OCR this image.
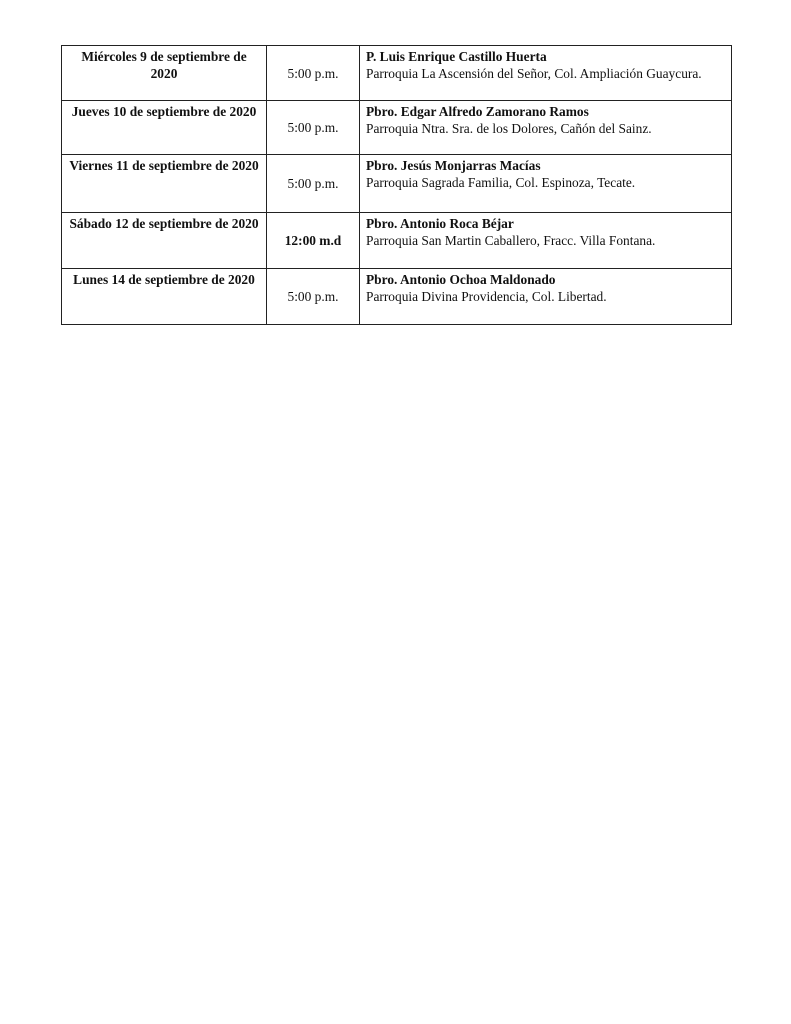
Miércoles 9 de septiembre de 2020	5:00 p.m.	P. Luis Enrique Castillo Huerta
Parroquia La Ascensión del Señor, Col. Ampliación Guaycura.

Jueves 10 de septiembre de 2020	5:00 p.m.	Pbro. Edgar Alfredo Zamorano Ramos
Parroquia Ntra. Sra. de los Dolores, Cañón del Sainz.

Viernes 11 de septiembre de 2020	5:00 p.m.	Pbro. Jesús Monjarras Macías
Parroquia Sagrada Familia, Col. Espinoza, Tecate.

Sábado 12 de septiembre de 2020	12:00 m.d	Pbro. Antonio Roca Béjar
Parroquia San Martin Caballero, Fracc. Villa Fontana.

Lunes 14 de septiembre de 2020	5:00 p.m.	Pbro. Antonio Ochoa Maldonado
Parroquia Divina Providencia, Col. Libertad.
